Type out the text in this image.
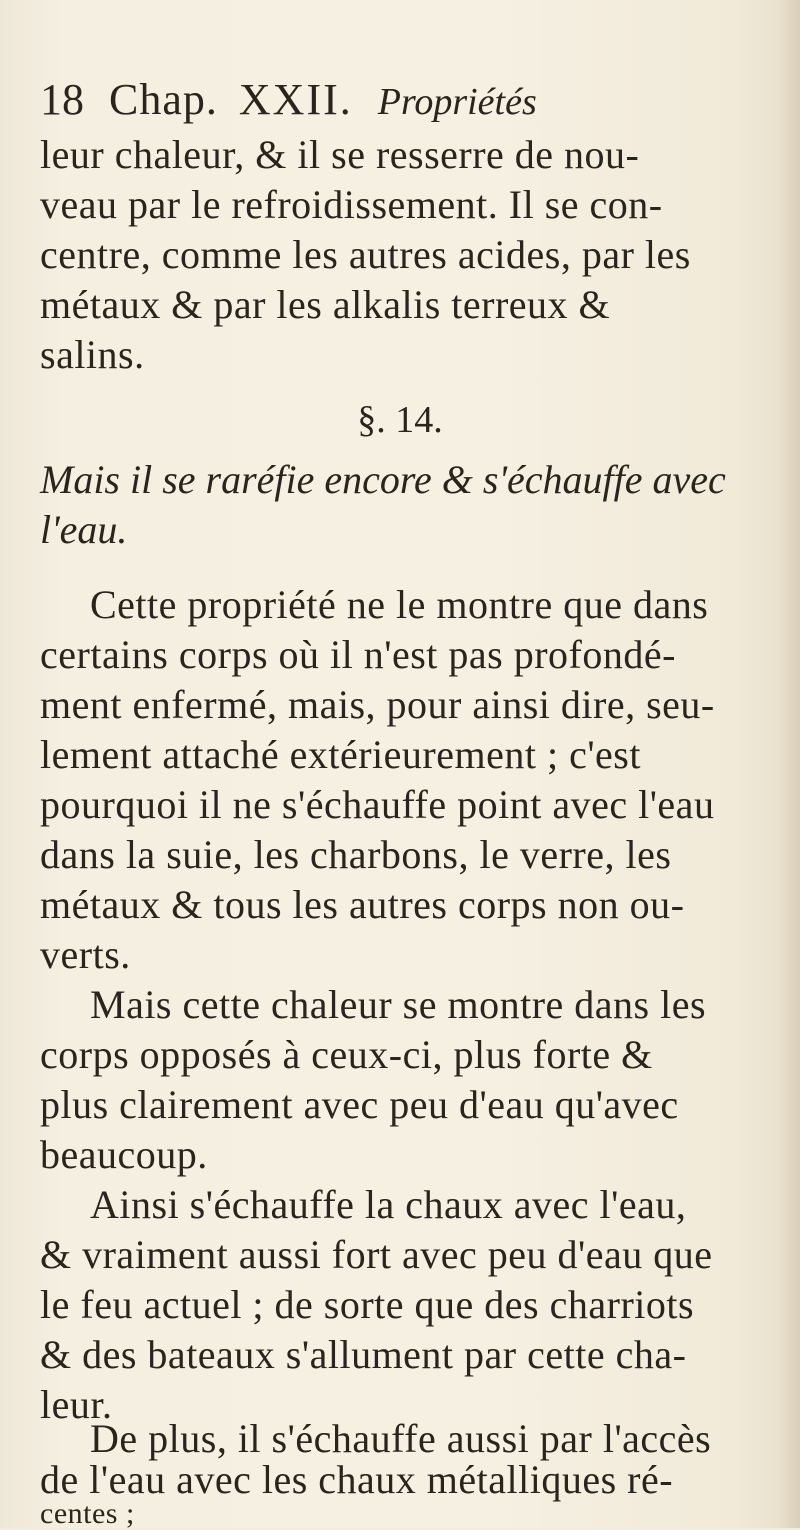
18 Chap. XXII. Propriétés
leur chaleur, & il se resserre de nou-
veau par le refroidissement. Il se con-
centre, comme les autres acides, par les
métaux & par les alkalis terreux &
salins.
§. 14.
Mais il se raréfie encore & s'échauffe avec
l'eau.
Cette propriété ne le montre que dans
certains corps où il n'est pas profondé-
ment enfermé, mais, pour ainsi dire, seu-
lement attaché extérieurement ; c'est
pourquoi il ne s'échauffe point avec l'eau
dans la suie, les charbons, le verre, les
métaux & tous les autres corps non ou-
verts.
Mais cette chaleur se montre dans les
corps opposés à ceux-ci, plus forte &
plus clairement avec peu d'eau qu'avec
beaucoup.
Ainsi s'échauffe la chaux avec l'eau,
& vraiment aussi fort avec peu d'eau que
le feu actuel ; de sorte que des charriots
& des bateaux s'allument par cette cha-
leur.
De plus, il s'échauffe aussi par l'accès
de l'eau avec les chaux métalliques ré-
centes ;
